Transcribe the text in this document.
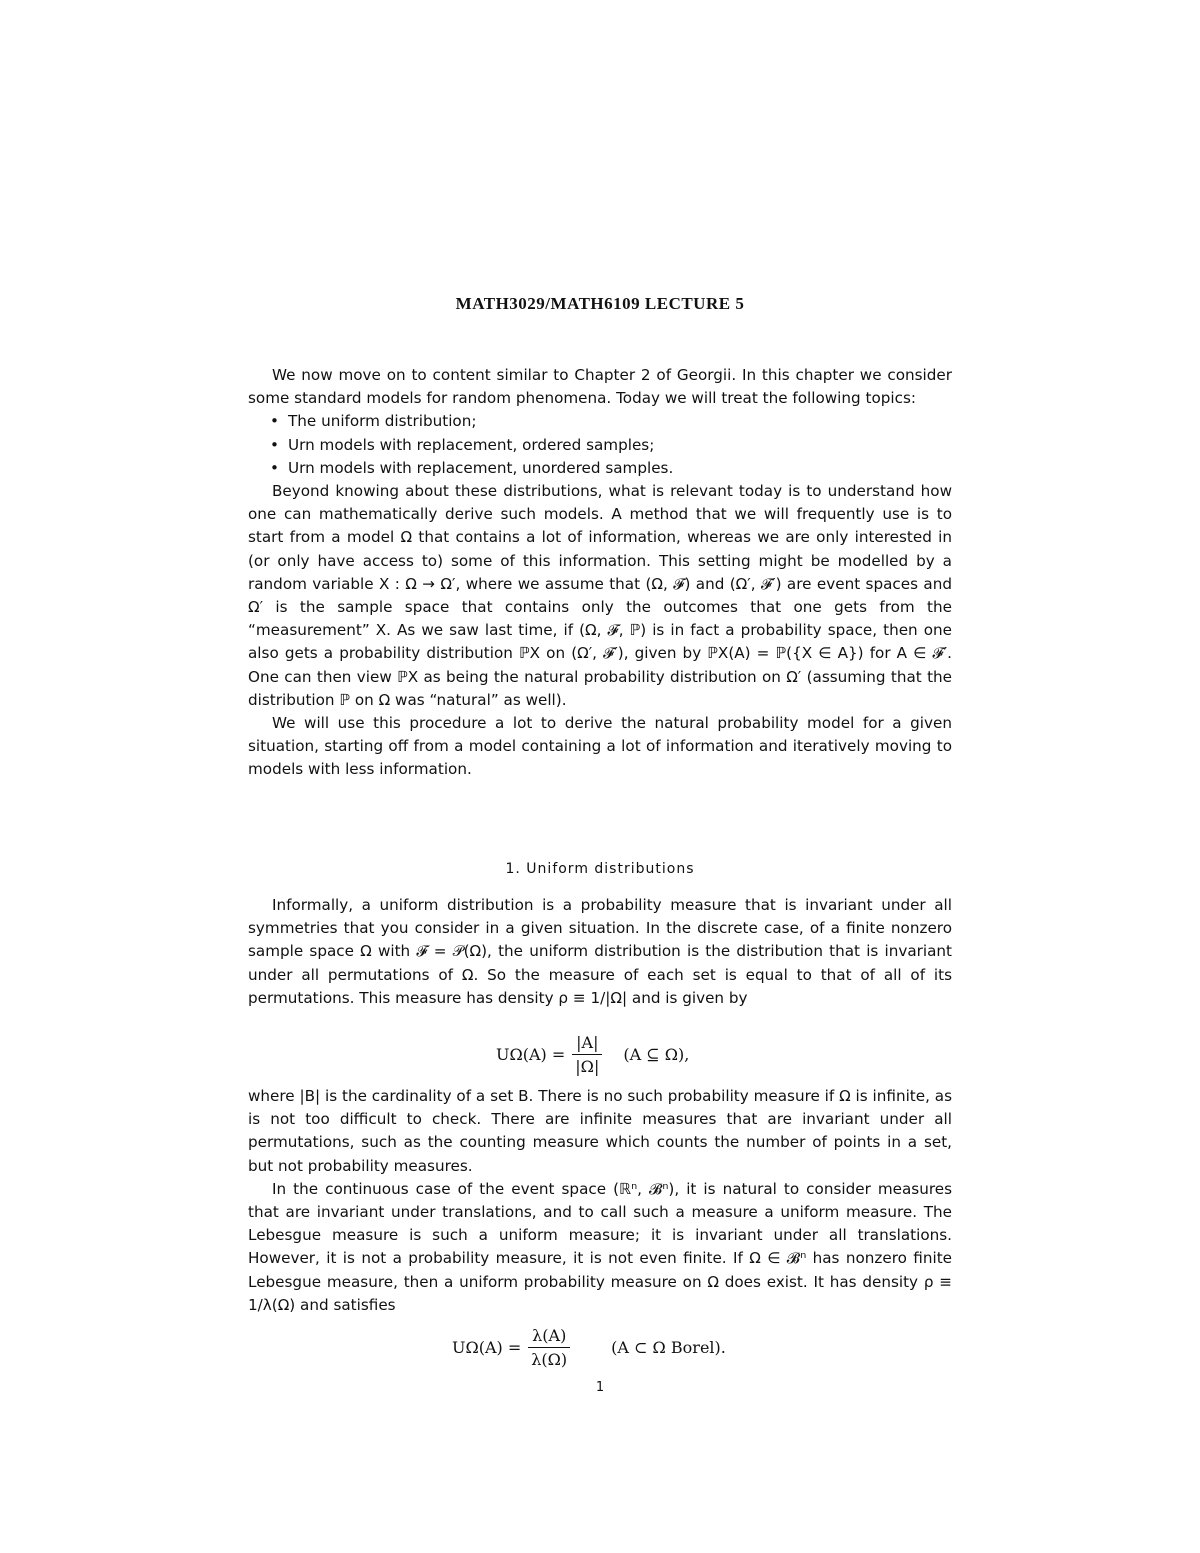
MATH3029/MATH6109 LECTURE 5

We now move on to content similar to Chapter 2 of Georgii. In this chapter we consider some standard models for random phenomena. Today we will treat the following topics:

• The uniform distribution;
• Urn models with replacement, ordered samples;
• Urn models with replacement, unordered samples.

Beyond knowing about these distributions, what is relevant today is to understand how one can mathematically derive such models. A method that we will frequently use is to start from a model Ω that contains a lot of information, whereas we are only interested in (or only have access to) some of this information. This setting might be modelled by a random variable X : Ω → Ω′, where we assume that (Ω, 𝓕) and (Ω′, 𝓕′) are event spaces and Ω′ is the sample space that contains only the outcomes that one gets from the “measurement” X. As we saw last time, if (Ω, 𝓕, ℙ) is in fact a probability space, then one also gets a probability distribution ℙX on (Ω′, 𝓕′), given by ℙX(A) = ℙ({X ∈ A}) for A ∈ 𝓕′. One can then view ℙX as being the natural probability distribution on Ω′ (assuming that the distribution ℙ on Ω was “natural” as well).

We will use this procedure a lot to derive the natural probability model for a given situation, starting off from a model containing a lot of information and iteratively moving to models with less information.

1. Uniform distributions

Informally, a uniform distribution is a probability measure that is invariant under all symmetries that you consider in a given situation. In the discrete case, of a finite nonzero sample space Ω with 𝓕 = 𝒫(Ω), the uniform distribution is the distribution that is invariant under all permutations of Ω. So the measure of each set is equal to that of all of its permutations. This measure has density ρ ≡ 1/|Ω| and is given by

$U\Omega(A) = \frac{|A|}{|\Omega|} (A$ ⊆ Ω),

where |B| is the cardinality of a set B. There is no such probability measure if Ω is infinite, as is not too difficult to check. There are infinite measures that are invariant under all permutations, such as the counting measure which counts the number of points in a set, but not probability measures.

In the continuous case of the event space (ℝⁿ, 𝓑ⁿ), it is natural to consider measures that are invariant under translations, and to call such a measure a uniform measure. The Lebesgue measure is such a uniform measure; it is invariant under all translations. However, it is not a probability measure, it is not even finite. If Ω ∈ 𝓑ⁿ has nonzero finite Lebesgue measure, then a uniform probability measure on Ω does exist. It has density ρ ≡ 1/λ(Ω) and satisfies

$U\Omega(A) = \frac{\lambda(A)}{\lambda(\Omega)}$	(A ⊂ Ω Borel).
1
